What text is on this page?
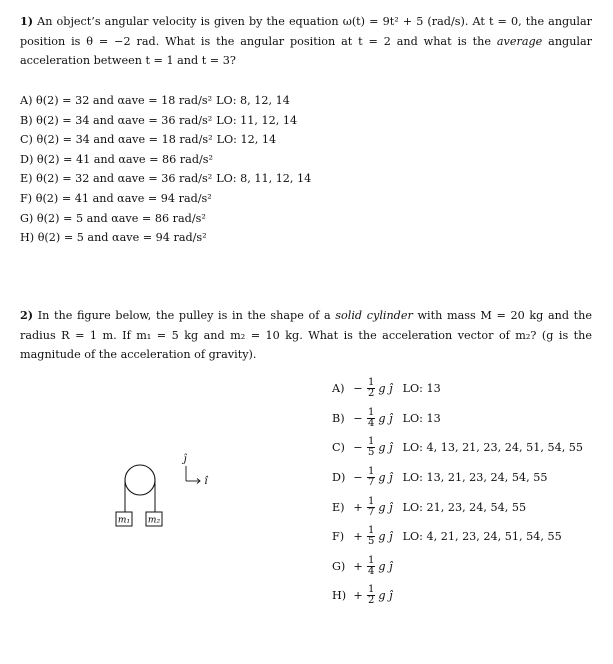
1) An object’s angular velocity is given by the equation ω(t) = 9t² + 5 (rad/s). At t = 0, the angular position is θ = −2 rad. What is the angular position at t = 2 and what is the average angular acceleration between t = 1 and t = 3?
A) θ(2) = 32 and αave = 18 rad/s² LO: 8, 12, 14
B) θ(2) = 34 and αave = 36 rad/s² LO: 11, 12, 14
C) θ(2) = 34 and αave = 18 rad/s² LO: 12, 14
D) θ(2) = 41 and αave = 86 rad/s²
E) θ(2) = 32 and αave = 36 rad/s² LO: 8, 11, 12, 14
F) θ(2) = 41 and αave = 94 rad/s²
G) θ(2) = 5 and αave = 86 rad/s²
H) θ(2) = 5 and αave = 94 rad/s²
2) In the figure below, the pulley is in the shape of a solid cylinder with mass M = 20 kg and the radius R = 1 m. If m₁ = 5 kg and m₂ = 10 kg. What is the acceleration vector of m₂? (g is the magnitude of the acceleration of gravity).
m₁ m₂
ĵ
î
$A) - \frac{1}{2}$ g ĵ LO: 13
$B) - \frac{1}{4}$ g ĵ LO: 13
$C) - \frac{1}{5}$ g ĵ LO: 4, 13, 21, 23, 24, 51, 54, 55
$D) - \frac{1}{7}$ g ĵ LO: 13, 21, 23, 24, 54, 55
$E) + \frac{1}{7}$ g ĵ LO: 21, 23, 24, 54, 55
$F) + \frac{1}{5}$ g ĵ LO: 4, 21, 23, 24, 51, 54, 55
$G) + \frac{1}{4}$ g ĵ
$H) + \frac{1}{2}$ g ĵ
